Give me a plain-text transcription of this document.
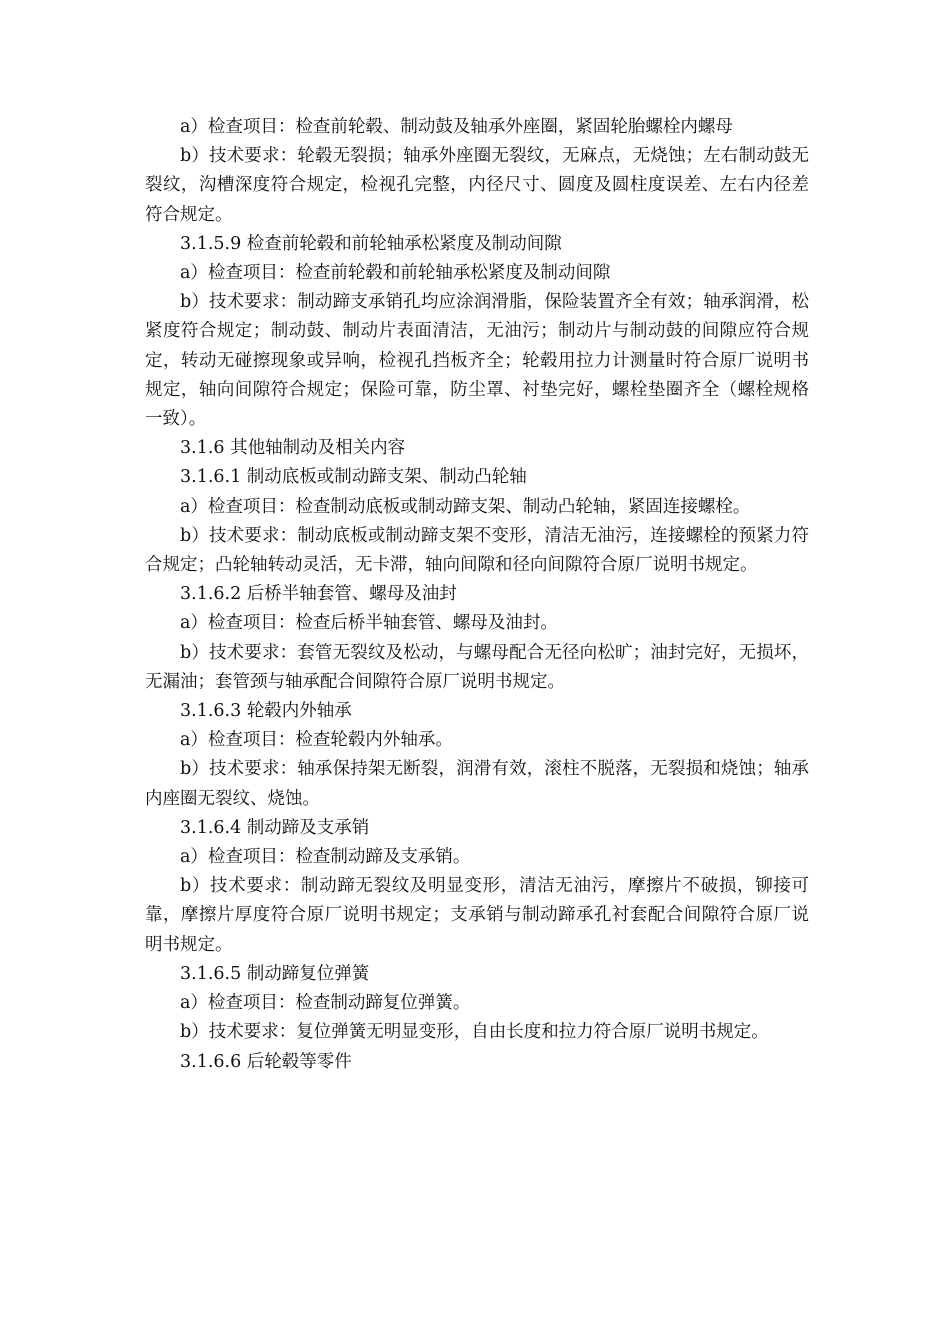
a）检查项目：检查前轮毂、制动鼓及轴承外座圈，紧固轮胎螺栓内螺母

b）技术要求：轮毂无裂损；轴承外座圈无裂纹，无麻点，无烧蚀；左右制动鼓无裂纹，沟槽深度符合规定，检视孔完整，内径尺寸、圆度及圆柱度误差、左右内径差符合规定。

3.1.5.9 检查前轮毂和前轮轴承松紧度及制动间隙

a）检查项目：检查前轮毂和前轮轴承松紧度及制动间隙

b）技术要求：制动蹄支承销孔均应涂润滑脂，保险装置齐全有效；轴承润滑，松紧度符合规定；制动鼓、制动片表面清洁，无油污；制动片与制动鼓的间隙应符合规定，转动无碰擦现象或异响，检视孔挡板齐全；轮毂用拉力计测量时符合原厂说明书规定，轴向间隙符合规定；保险可靠，防尘罩、衬垫完好，螺栓垫圈齐全（螺栓规格一致）。

3.1.6 其他轴制动及相关内容

3.1.6.1 制动底板或制动蹄支架、制动凸轮轴

a）检查项目：检查制动底板或制动蹄支架、制动凸轮轴，紧固连接螺栓。

b）技术要求：制动底板或制动蹄支架不变形，清洁无油污，连接螺栓的预紧力符合规定；凸轮轴转动灵活，无卡滞，轴向间隙和径向间隙符合原厂说明书规定。

3.1.6.2 后桥半轴套管、螺母及油封

a）检查项目：检查后桥半轴套管、螺母及油封。

b）技术要求：套管无裂纹及松动，与螺母配合无径向松旷；油封完好，无损坏，无漏油；套管颈与轴承配合间隙符合原厂说明书规定。

3.1.6.3 轮毂内外轴承

a）检查项目：检查轮毂内外轴承。

b）技术要求：轴承保持架无断裂，润滑有效，滚柱不脱落，无裂损和烧蚀；轴承内座圈无裂纹、烧蚀。

3.1.6.4 制动蹄及支承销

a）检查项目：检查制动蹄及支承销。

b）技术要求：制动蹄无裂纹及明显变形，清洁无油污，摩擦片不破损，铆接可靠，摩擦片厚度符合原厂说明书规定；支承销与制动蹄承孔衬套配合间隙符合原厂说明书规定。

3.1.6.5 制动蹄复位弹簧

a）检查项目：检查制动蹄复位弹簧。

b）技术要求：复位弹簧无明显变形，自由长度和拉力符合原厂说明书规定。

3.1.6.6 后轮毂等零件
